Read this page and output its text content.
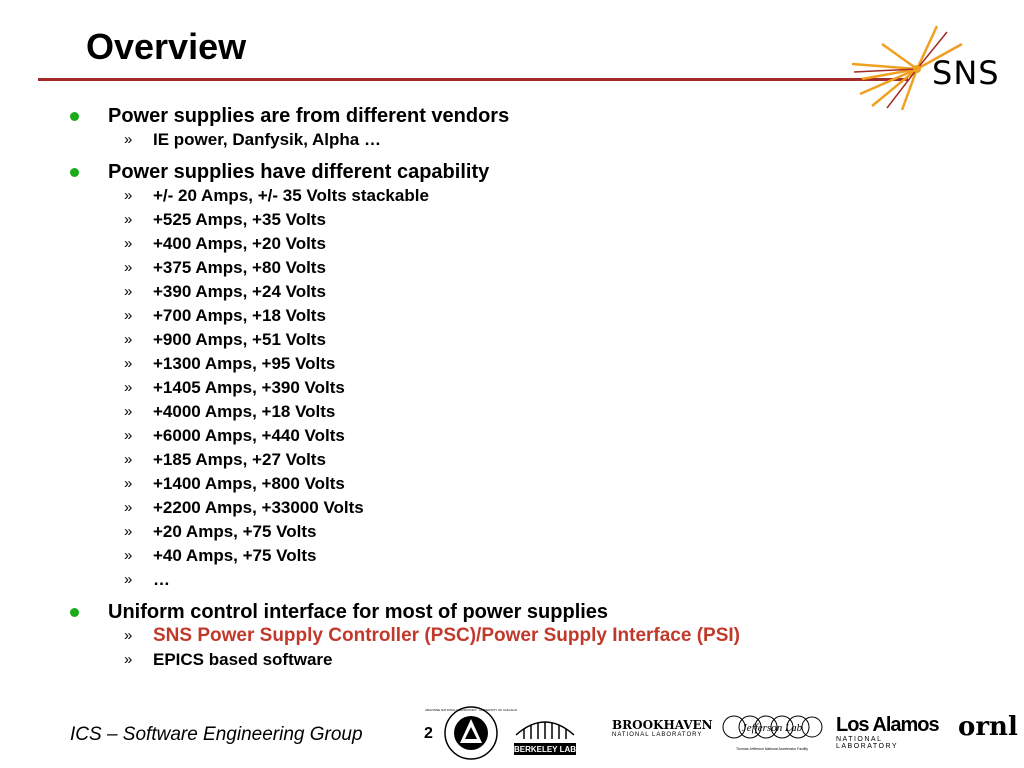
Overview
SNS
Power supplies are from different vendors
» IE power, Danfysik, Alpha …
Power supplies have different capability
» +/- 20 Amps, +/- 35 Volts stackable
» +525 Amps, +35 Volts
» +400 Amps, +20 Volts
» +375 Amps, +80 Volts
» +390 Amps, +24 Volts
» +700 Amps, +18 Volts
» +900 Amps, +51 Volts
» +1300 Amps, +95 Volts
» +1405 Amps, +390 Volts
» +4000 Amps, +18 Volts
» +6000 Amps, +440 Volts
» +185 Amps, +27 Volts
» +1400 Amps, +800 Volts
» +2200 Amps, +33000 Volts
» +20 Amps, +75 Volts
» +40 Amps, +75 Volts
» …
Uniform control interface for most of power supplies
» SNS Power Supply Controller (PSC)/Power Supply Interface (PSI)
» EPICS based software
ICS – Software Engineering Group	2
ARGONNE NATIONAL LABORATORY · UNIVERSITY OF CHICAGO
BERKELEY LAB
BROOKHAVEN
NATIONAL LABORATORY
Jefferson Lab
Thomas Jefferson National Accelerator Facility
Los Alamos
NATIONAL LABORATORY
ornl
